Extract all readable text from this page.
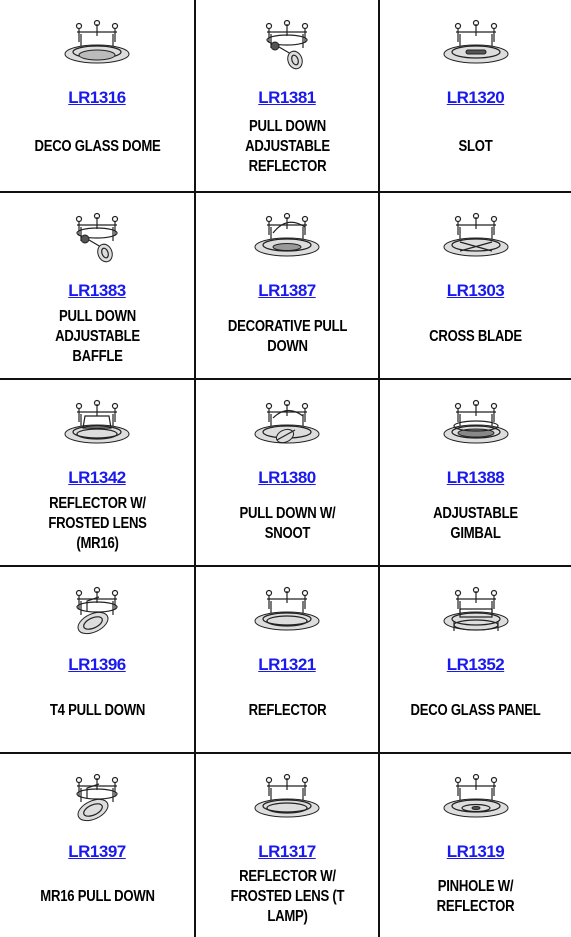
LR1316
DECO GLASS DOME
LR1381
PULL DOWN ADJUSTABLE REFLECTOR
LR1320
SLOT
LR1383
PULL DOWN ADJUSTABLE BAFFLE
LR1387
DECORATIVE PULL DOWN
LR1303
CROSS BLADE
LR1342
REFLECTOR W/ FROSTED LENS (MR16)
LR1380
PULL DOWN W/ SNOOT
LR1388
ADJUSTABLE GIMBAL
LR1396
T4 PULL DOWN
LR1321
REFLECTOR
LR1352
DECO GLASS PANEL
LR1397
MR16 PULL DOWN
LR1317
REFLECTOR W/ FROSTED LENS (T LAMP)
LR1319
PINHOLE W/ REFLECTOR
